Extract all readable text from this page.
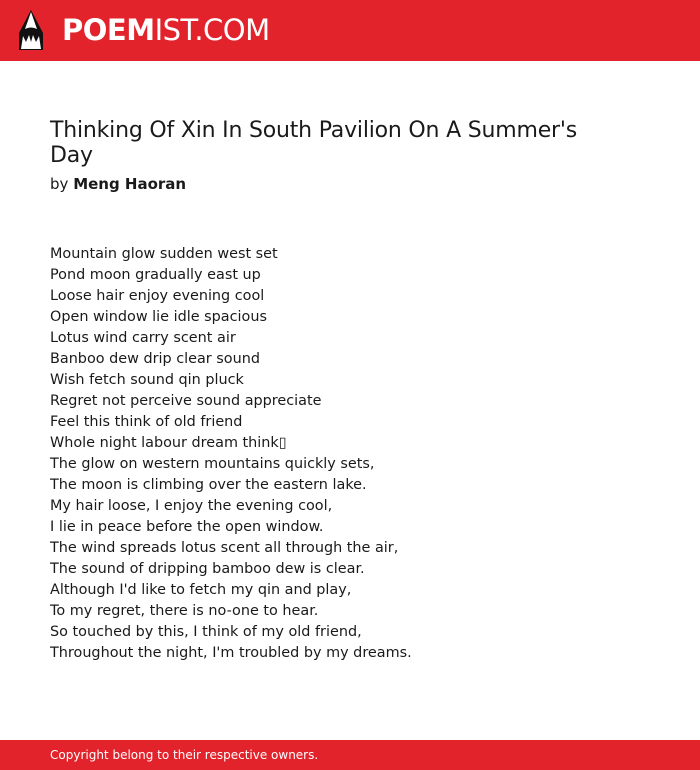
POEMIST.COM
Thinking Of Xin In South Pavilion On A Summer's Day
by Meng Haoran
Mountain glow sudden west set
Pond moon gradually east up
Loose hair enjoy evening cool
Open window lie idle spacious
Lotus wind carry scent air
Banboo dew drip clear sound
Wish fetch sound qin pluck
Regret not perceive sound appreciate
Feel this think of old friend
Whole night labour dream think▯
The glow on western mountains quickly sets,
The moon is climbing over the eastern lake.
My hair loose, I enjoy the evening cool,
I lie in peace before the open window.
The wind spreads lotus scent all through the air,
The sound of dripping bamboo dew is clear.
Although I'd like to fetch my qin and play,
To my regret, there is no-one to hear.
So touched by this, I think of my old friend,
Throughout the night, I'm troubled by my dreams.
Copyright belong to their respective owners.
